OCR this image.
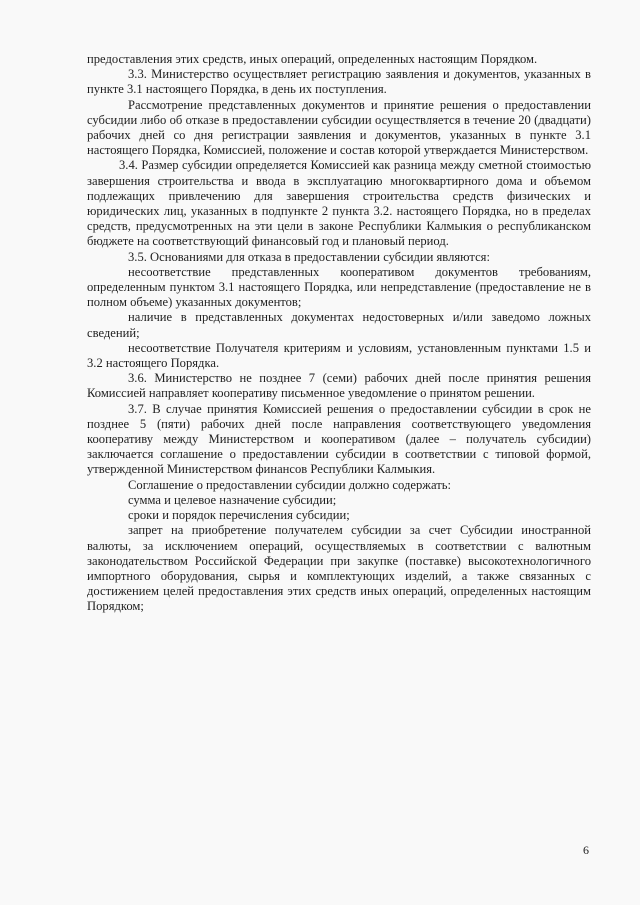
предоставления этих средств, иных операций, определенных настоящим Порядком.

3.3. Министерство осуществляет регистрацию заявления и документов, указанных в пункте 3.1 настоящего Порядка, в день их поступления.

Рассмотрение представленных документов и принятие решения о предоставлении субсидии либо об отказе в предоставлении субсидии осуществляется в течение 20 (двадцати) рабочих дней со дня регистрации заявления и документов, указанных в пункте 3.1 настоящего Порядка, Комиссией, положение и состав которой утверждается Министерством.

3.4. Размер субсидии определяется Комиссией как разница между сметной стоимостью завершения строительства и ввода в эксплуатацию многоквартирного дома и объемом подлежащих привлечению для завершения строительства средств физических и юридических лиц, указанных в подпункте 2 пункта 3.2. настоящего Порядка, но в пределах средств, предусмотренных на эти цели в законе Республики Калмыкия о республиканском бюджете на соответствующий финансовый год и плановый период.

3.5. Основаниями для отказа в предоставлении субсидии являются:

несоответствие представленных кооперативом документов требованиям, определенным пунктом 3.1 настоящего Порядка, или непредставление (предоставление не в полном объеме) указанных документов;

наличие в представленных документах недостоверных и/или заведомо ложных сведений;

несоответствие Получателя критериям и условиям, установленным пунктами 1.5 и 3.2 настоящего Порядка.

3.6. Министерство не позднее 7 (семи) рабочих дней после принятия решения Комиссией направляет кооперативу письменное уведомление о принятом решении.

3.7. В случае принятия Комиссией решения о предоставлении субсидии в срок не позднее 5 (пяти) рабочих дней после направления соответствующего уведомления кооперативу между Министерством и кооперативом (далее – получатель субсидии) заключается соглашение о предоставлении субсидии в соответствии с типовой формой, утвержденной Министерством финансов Республики Калмыкия.

Соглашение о предоставлении субсидии должно содержать:

сумма и целевое назначение субсидии;

сроки и порядок перечисления субсидии;

запрет на приобретение получателем субсидии за счет Субсидии иностранной валюты, за исключением операций, осуществляемых в соответствии с валютным законодательством Российской Федерации при закупке (поставке) высокотехнологичного импортного оборудования, сырья и комплектующих изделий, а также связанных с достижением целей предоставления этих средств иных операций, определенных настоящим Порядком;

6
